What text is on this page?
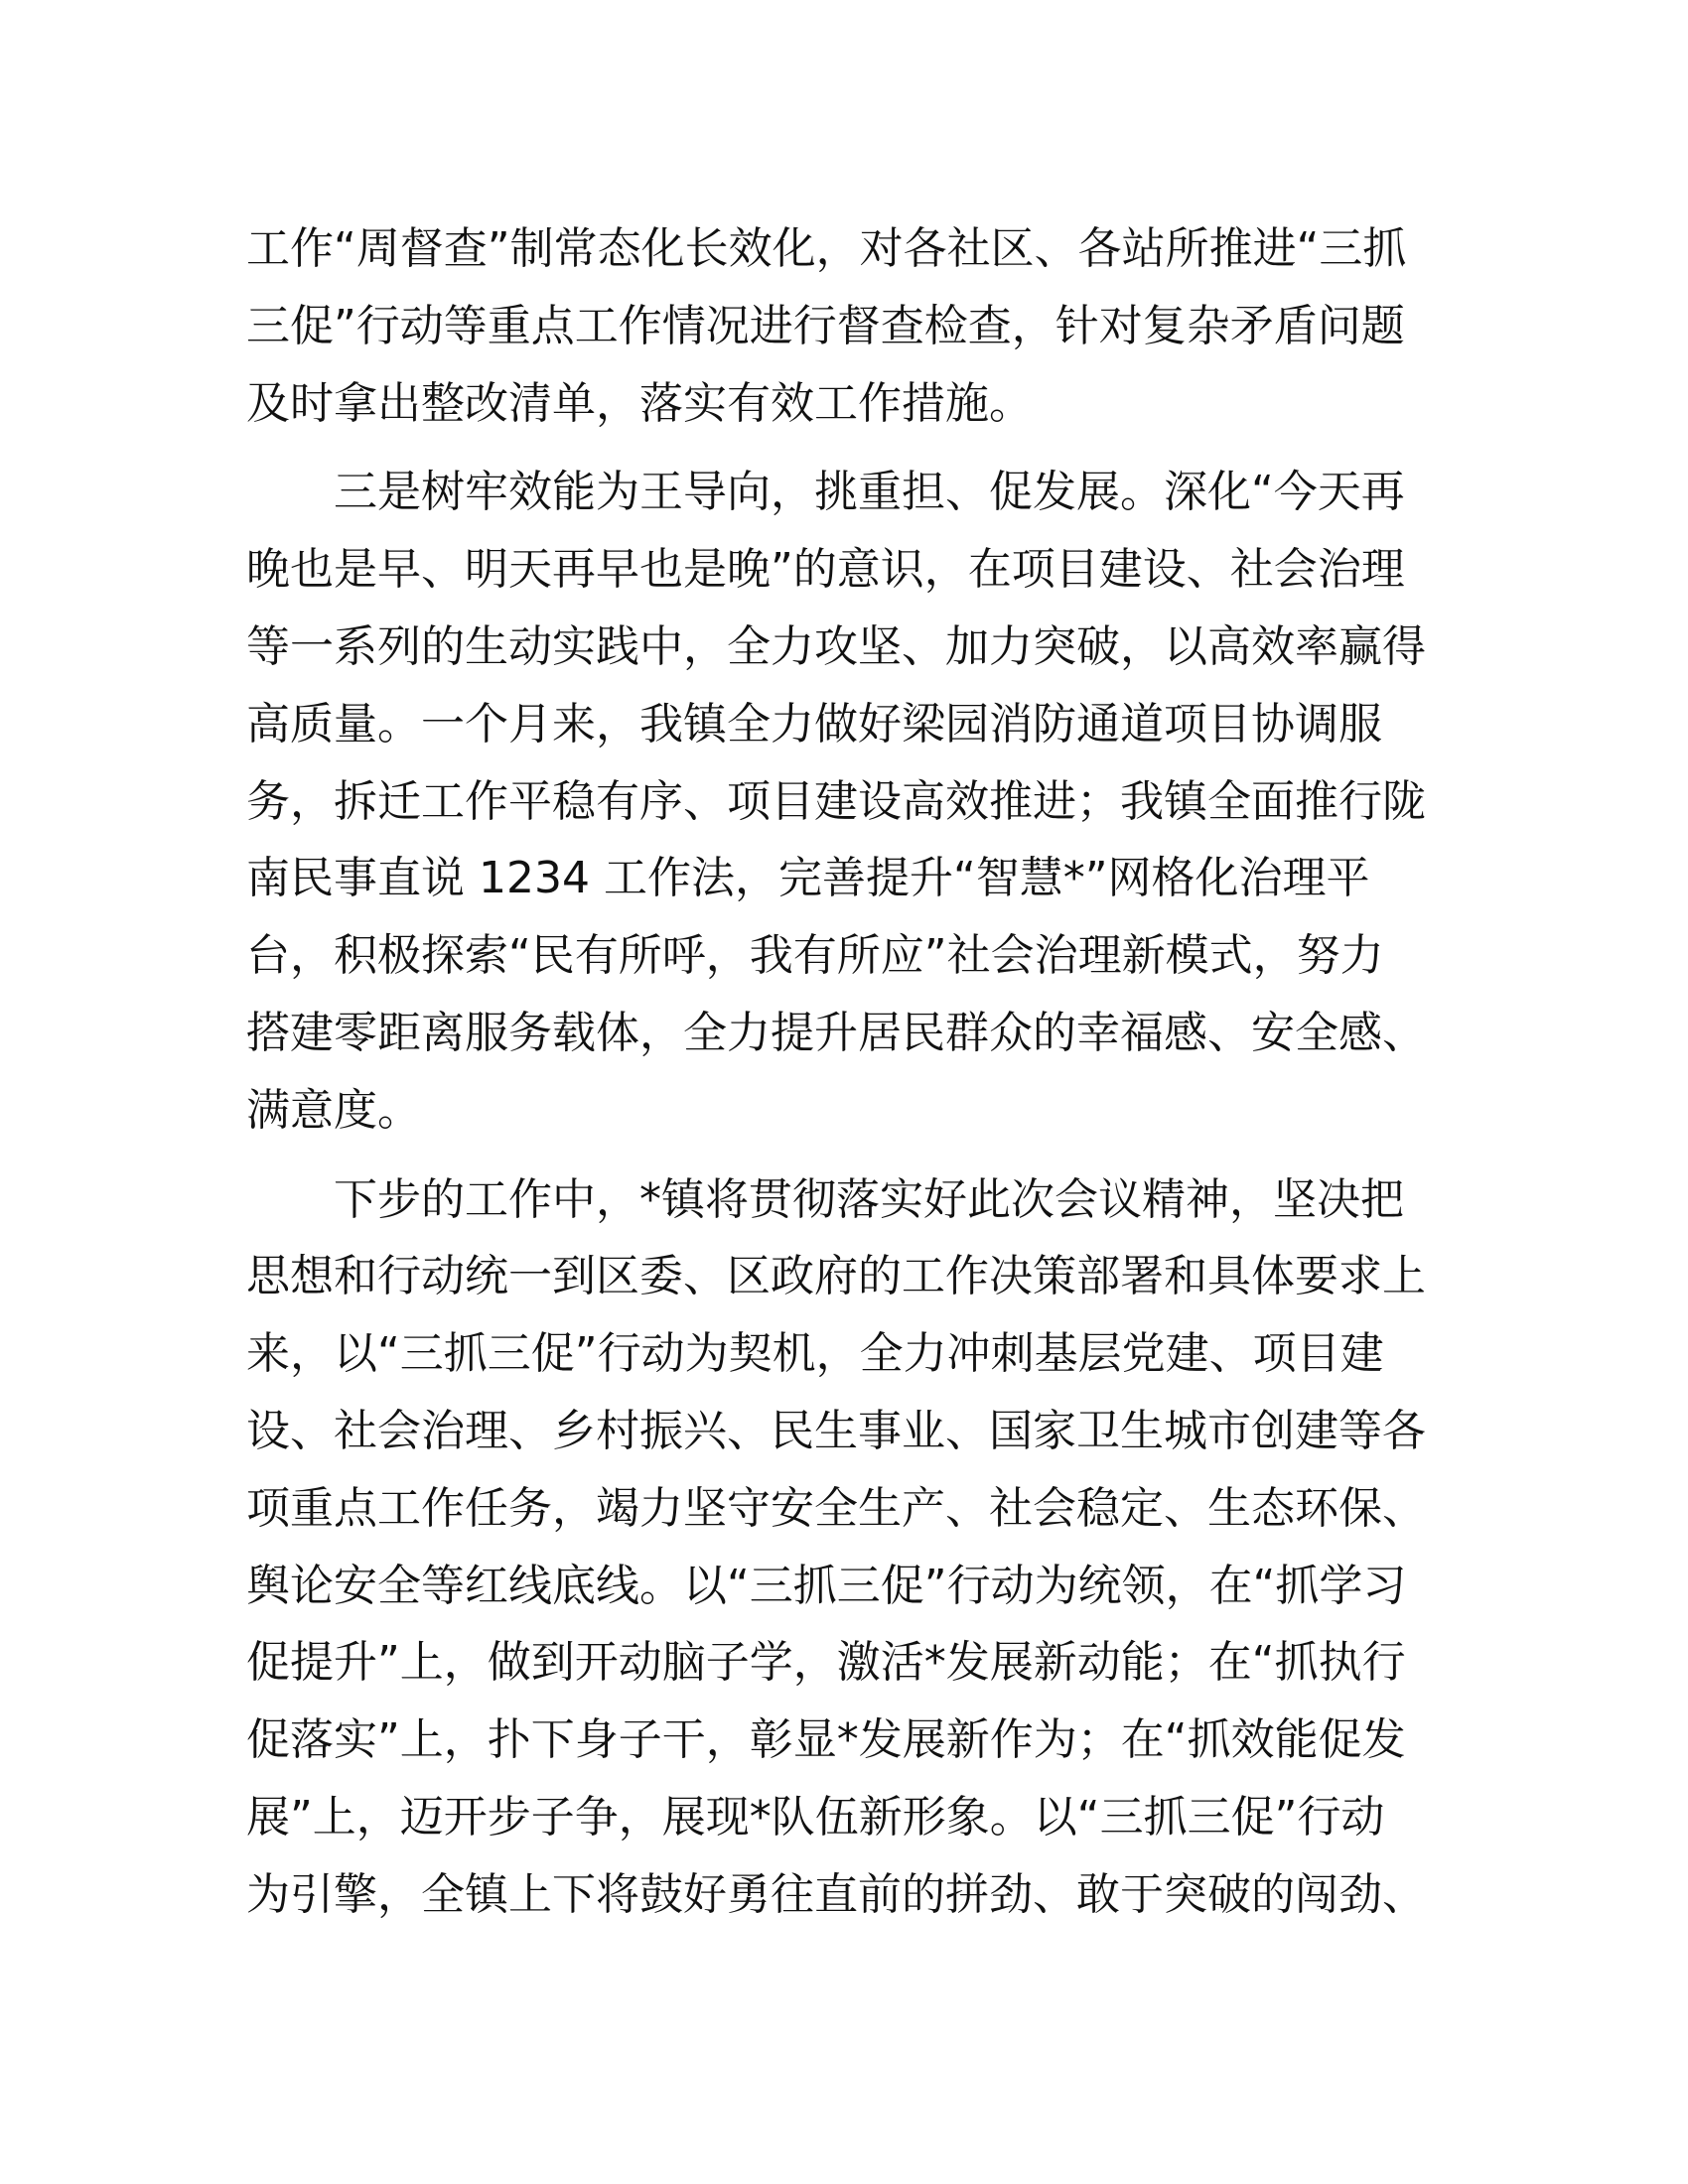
工作“周督查”制常态化长效化，对各社区、各站所推进“三抓
三促”行动等重点工作情况进行督查检查，针对复杂矛盾问题
及时拿出整改清单，落实有效工作措施。
三是树牢效能为王导向，挑重担、促发展。深化“今天再
晚也是早、明天再早也是晚”的意识，在项目建设、社会治理
等一系列的生动实践中，全力攻坚、加力突破，以高效率赢得
高质量。一个月来，我镇全力做好梁园消防通道项目协调服
务，拆迁工作平稳有序、项目建设高效推进；我镇全面推行陇
南民事直说 1234 工作法，完善提升“智慧*”网格化治理平
台，积极探索“民有所呼，我有所应”社会治理新模式，努力
搭建零距离服务载体，全力提升居民群众的幸福感、安全感、
满意度。
下步的工作中，*镇将贯彻落实好此次会议精神，坚决把
思想和行动统一到区委、区政府的工作决策部署和具体要求上
来，以“三抓三促”行动为契机，全力冲刺基层党建、项目建
设、社会治理、乡村振兴、民生事业、国家卫生城市创建等各
项重点工作任务，竭力坚守安全生产、社会稳定、生态环保、
舆论安全等红线底线。以“三抓三促”行动为统领，在“抓学习
促提升”上，做到开动脑子学，激活*发展新动能；在“抓执行
促落实”上，扑下身子干，彰显*发展新作为；在“抓效能促发
展”上，迈开步子争，展现*队伍新形象。以“三抓三促”行动
为引擎，全镇上下将鼓好勇往直前的拼劲、敢于突破的闯劲、
